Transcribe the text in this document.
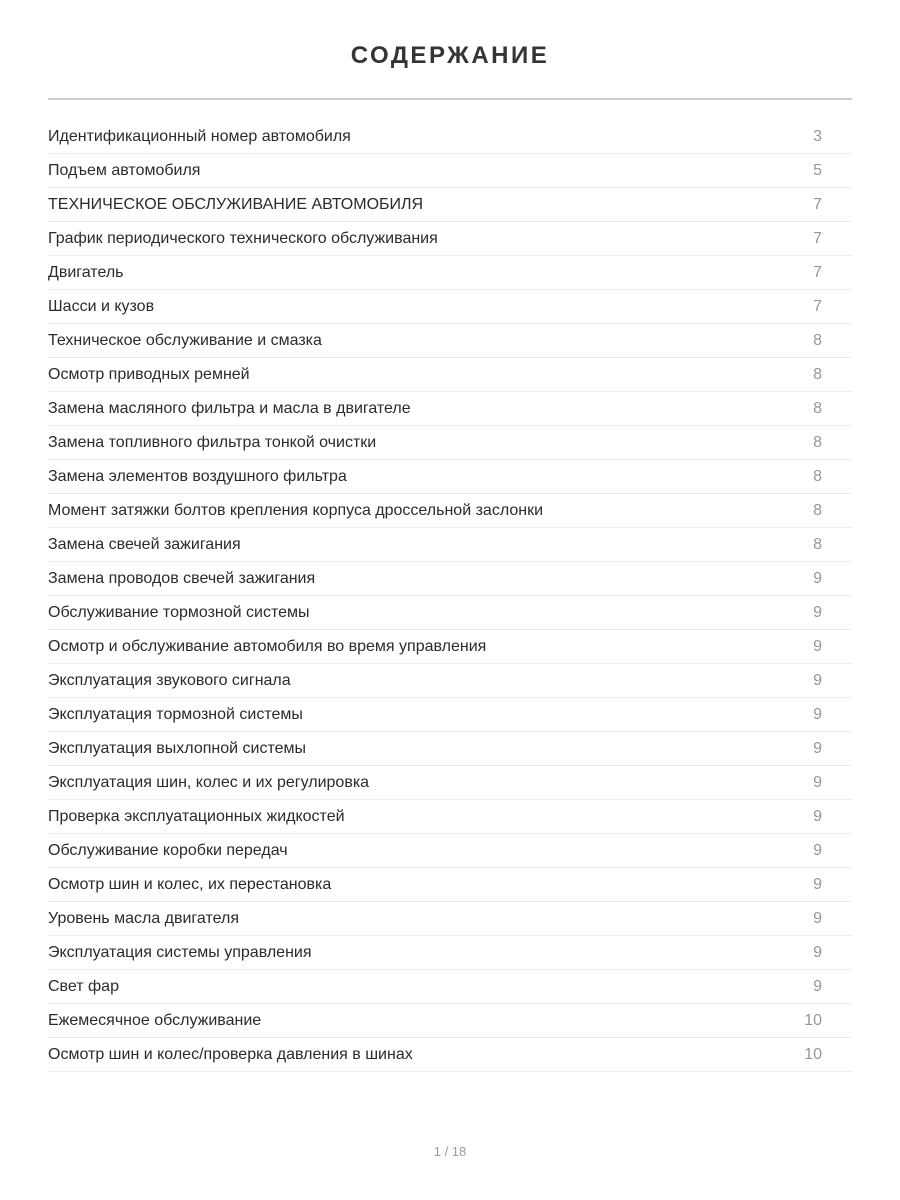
СОДЕРЖАНИЕ
Идентификационный номер автомобиля	3
Подъем автомобиля	5
ТЕХНИЧЕСКОЕ ОБСЛУЖИВАНИЕ АВТОМОБИЛЯ	7
График периодического технического обслуживания	7
Двигатель	7
Шасси и кузов	7
Техническое обслуживание и смазка	8
Осмотр приводных ремней	8
Замена масляного фильтра и масла в двигателе	8
Замена топливного фильтра тонкой очистки	8
Замена элементов воздушного фильтра	8
Момент затяжки болтов крепления корпуса дроссельной заслонки	8
Замена свечей зажигания	8
Замена проводов свечей зажигания	9
Обслуживание тормозной системы	9
Осмотр и обслуживание автомобиля во время управления	9
Эксплуатация звукового сигнала	9
Эксплуатация тормозной системы	9
Эксплуатация выхлопной системы	9
Эксплуатация шин, колес и их регулировка	9
Проверка эксплуатационных жидкостей	9
Обслуживание коробки передач	9
Осмотр шин и колес, их перестановка	9
Уровень масла двигателя	9
Эксплуатация системы управления	9
Свет фар	9
Ежемесячное обслуживание	10
Осмотр шин и колес/проверка давления в шинах	10
1 / 18
